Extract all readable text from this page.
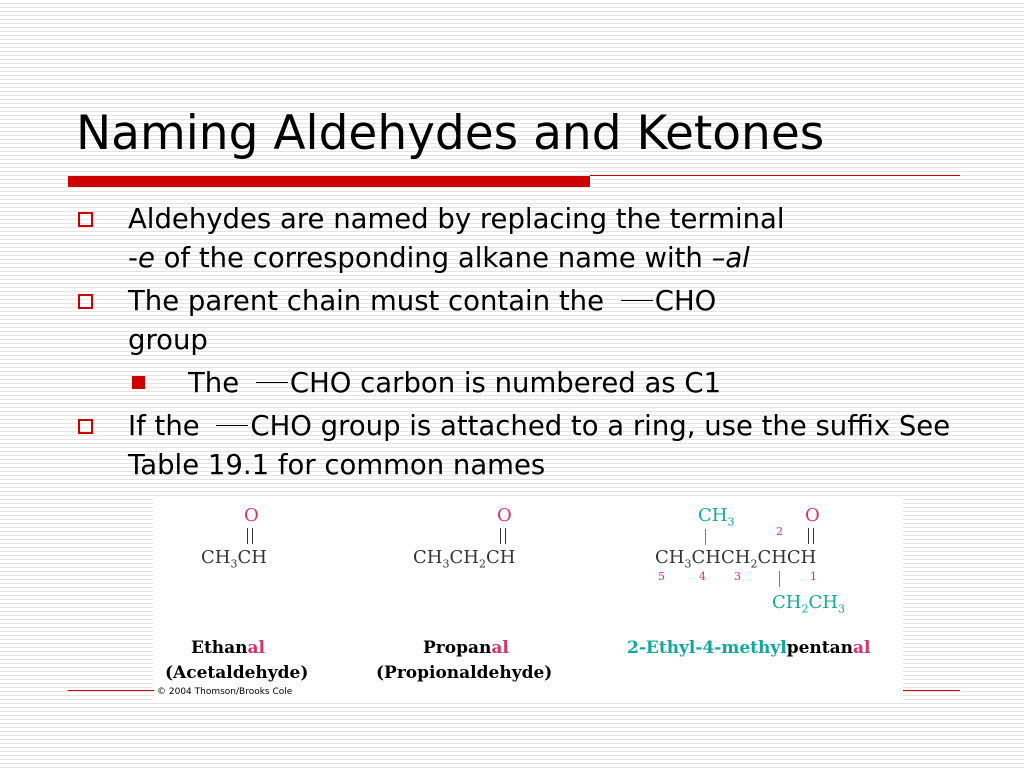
Naming Aldehydes and Ketones
Aldehydes are named by replacing the terminal
-e of the corresponding alkane name with –al
The parent chain must contain the CHO
group
The CHO carbon is numbered as C1
If the CHO group is attached to a ring, use the suffix See Table 19.1 for common names
O
$CH_3CH$
Ethanal
(Acetaldehyde)
O
$CH_3CH_2CH$
Propanal
(Propionaldehyde)
$CH_3$	O
2
$CH_3CHCH_2CHCH$
5	4	3	1
$CH_2CH_3$
2-Ethyl-4-methylpentanal
© 2004 Thomson/Brooks Cole
